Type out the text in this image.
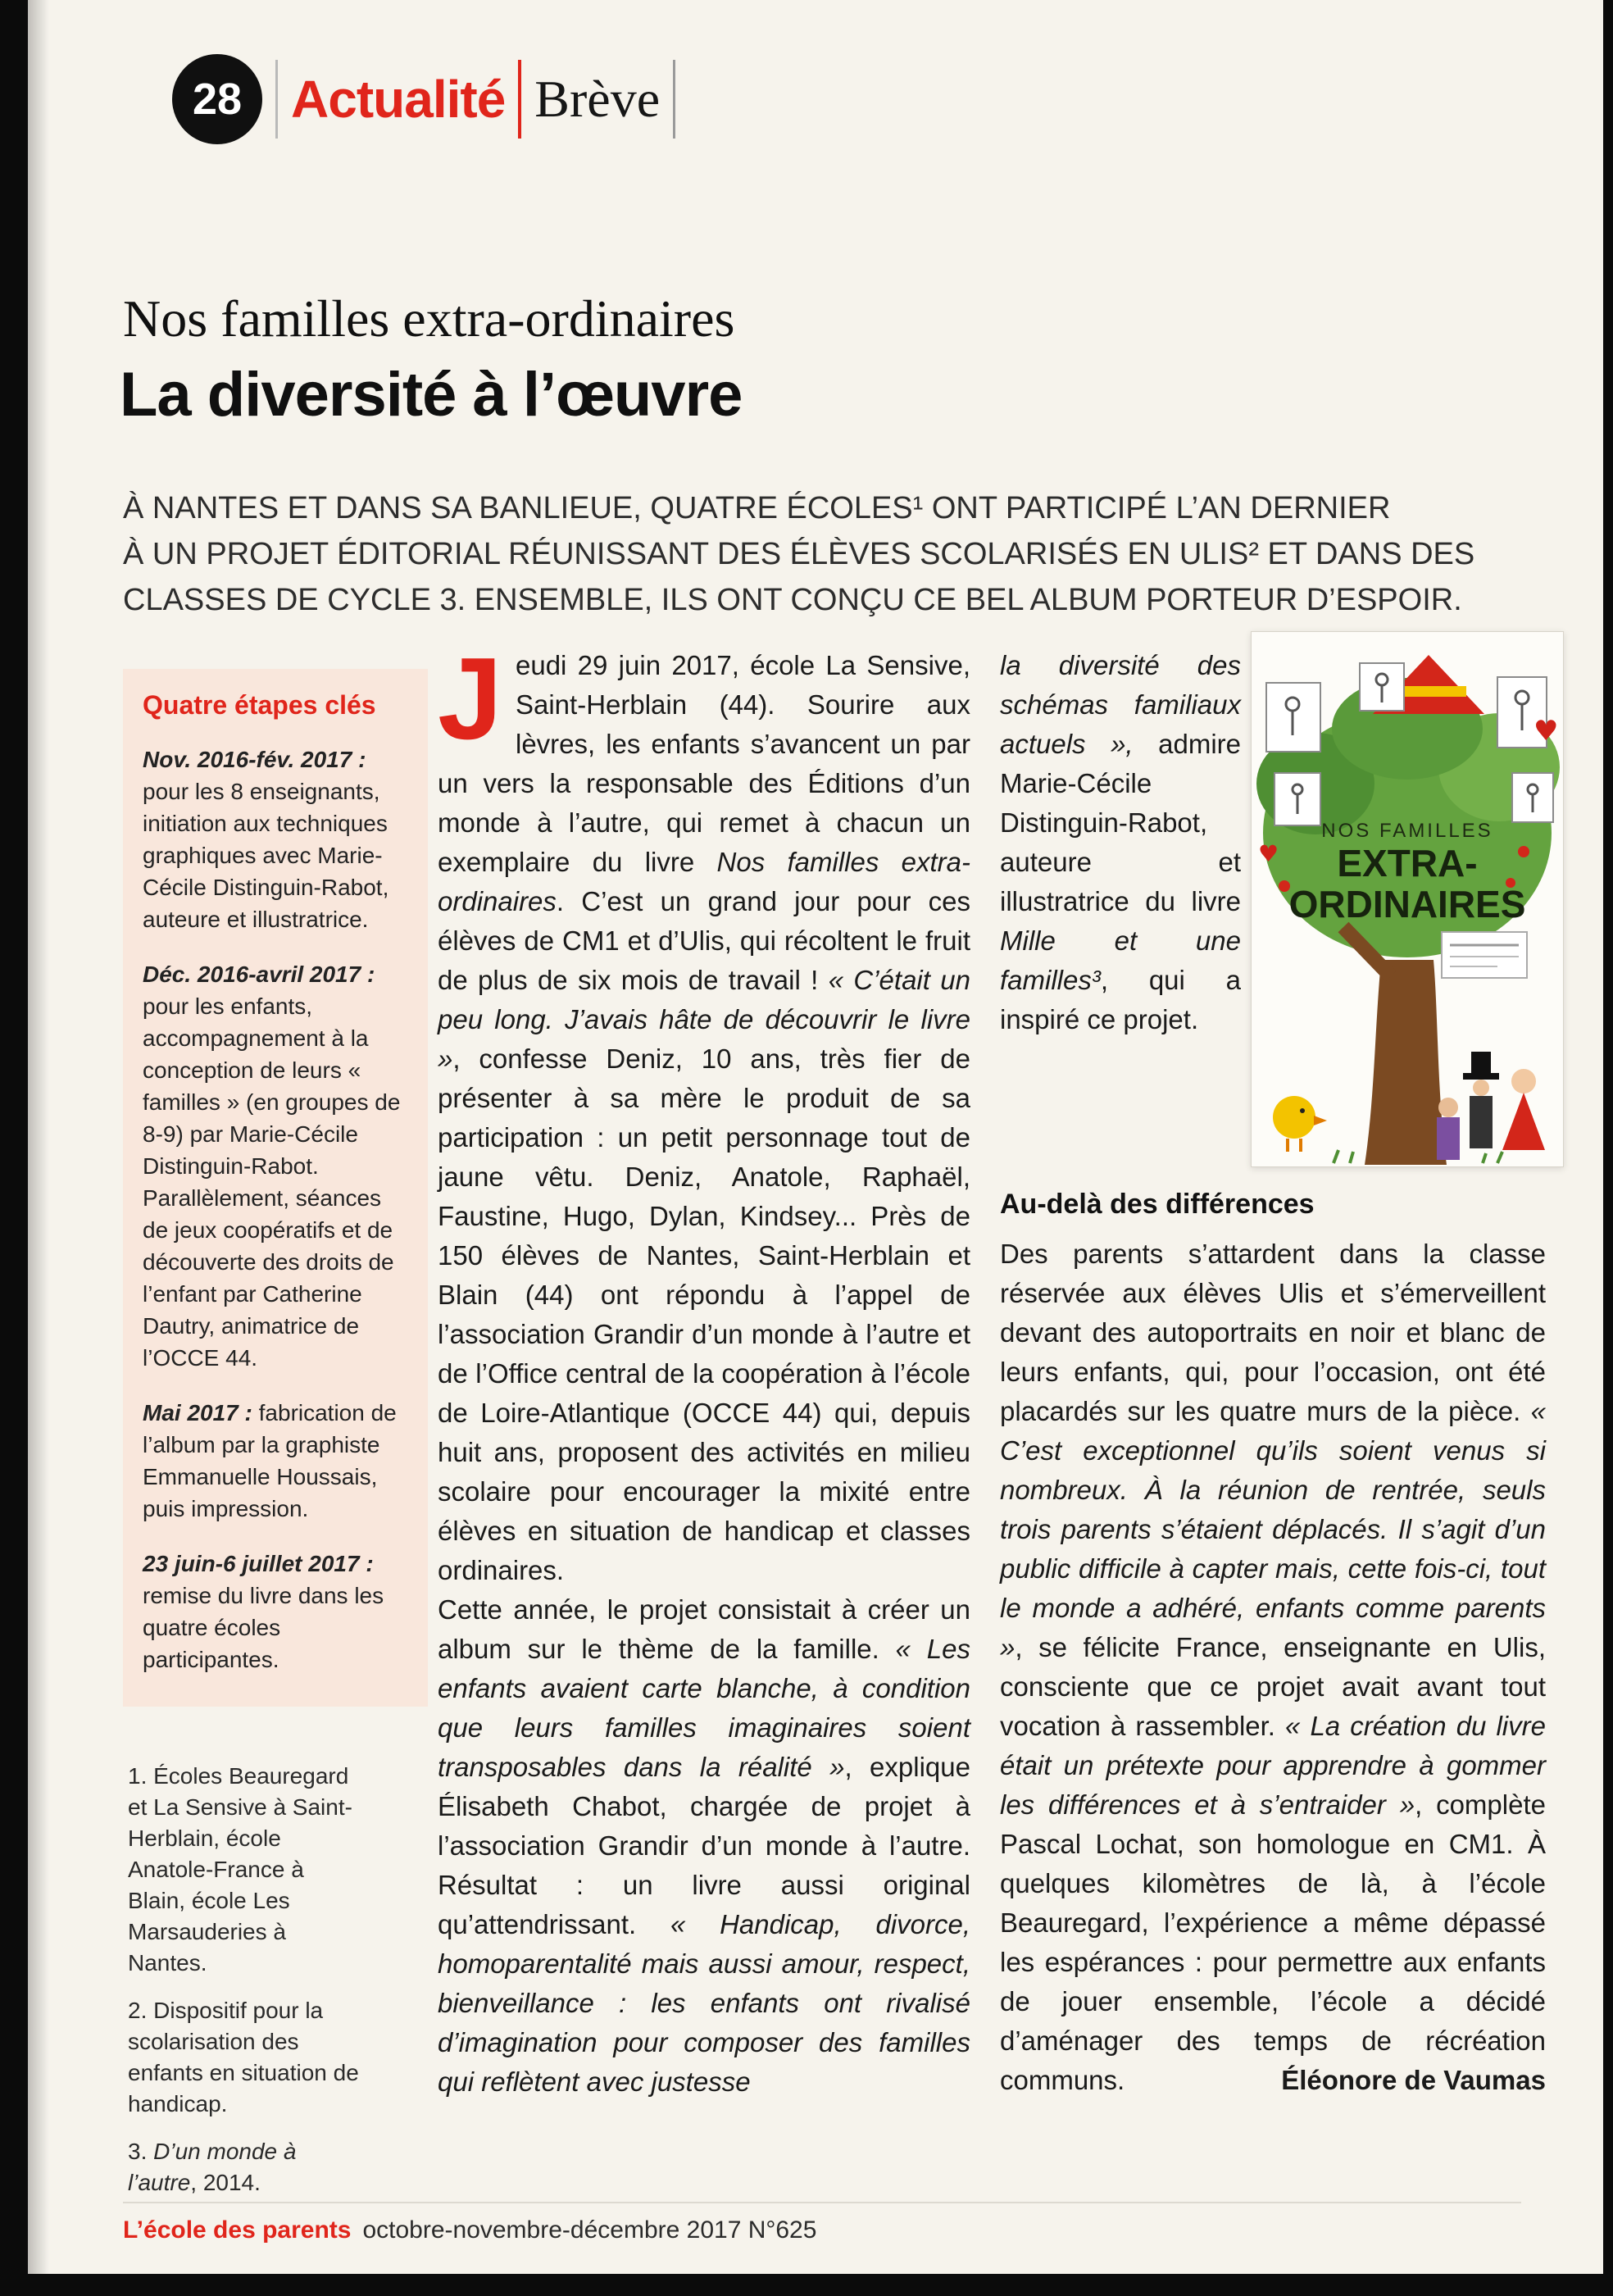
28 Actualité Brève
Nos familles extra-ordinaires
La diversité à l’œuvre
À NANTES ET DANS SA BANLIEUE, QUATRE ÉCOLES¹ ONT PARTICIPÉ L’AN DERNIER
À UN PROJET ÉDITORIAL RÉUNISSANT DES ÉLÈVES SCOLARISÉS EN ULIS² ET DANS DES
CLASSES DE CYCLE 3. ENSEMBLE, ILS ONT CONÇU CE BEL ALBUM PORTEUR D’ESPOIR.
Quatre étapes clés

Nov. 2016-fév. 2017 : pour les 8 enseignants, initiation aux techniques graphiques avec Marie-Cécile Distinguin-Rabot, auteure et illustratrice.

Déc. 2016-avril 2017 : pour les enfants, accompagnement à la conception de leurs « familles » (en groupes de 8-9) par Marie-Cécile Distinguin-Rabot. Parallèlement, séances de jeux coopératifs et de découverte des droits de l’enfant par Catherine Dautry, animatrice de l’OCCE 44.

Mai 2017 : fabrication de l’album par la graphiste Emmanuelle Houssais, puis impression.

23 juin-6 juillet 2017 : remise du livre dans les quatre écoles participantes.

1. Écoles Beauregard et La Sensive à Saint-Herblain, école Anatole-France à Blain, école Les Marsauderies à Nantes.
2. Dispositif pour la scolarisation des enfants en situation de handicap.
3. D’un monde à l’autre, 2014.

Jeudi 29 juin 2017, école La Sensive, Saint-Herblain (44). Sourire aux lèvres, les enfants s’avancent un par un vers la responsable des Éditions d’un monde à l’autre, qui remet à chacun un exemplaire du livre Nos familles extra-ordinaires. C’est un grand jour pour ces élèves de CM1 et d’Ulis, qui récoltent le fruit de plus de six mois de travail ! « C’était un peu long. J’avais hâte de découvrir le livre », confesse Deniz, 10 ans, très fier de présenter à sa mère le produit de sa participation : un petit personnage tout de jaune vêtu. Deniz, Anatole, Raphaël, Faustine, Hugo, Dylan, Kindsey... Près de 150 élèves de Nantes, Saint-Herblain et Blain (44) ont répondu à l’appel de l’association Grandir d’un monde à l’autre et de l’Office central de la coopération à l’école de Loire-Atlantique (OCCE 44) qui, depuis huit ans, proposent des activités en milieu scolaire pour encourager la mixité entre élèves en situation de handicap et classes ordinaires.

Cette année, le projet consistait à créer un album sur le thème de la famille. « Les enfants avaient carte blanche, à condition que leurs familles imaginaires soient transposables dans la réalité », explique Élisabeth Chabot, chargée de projet à l’association Grandir d’un monde à l’autre. Résultat : un livre aussi original qu’attendrissant. « Handicap, divorce, homoparentalité mais aussi amour, respect, bienveillance : les enfants ont rivalisé d’imagination pour composer des familles qui reflètent avec justesse

la diversité des schémas familiaux actuels », admire Marie-Cécile Distinguin-Rabot, auteure et illustratrice du livre Mille et une familles³, qui a inspiré ce projet.

♥
♥
NOS FAMILLES
EXTRA-
ORDINAIRES
Au-delà des différences

Des parents s’attardent dans la classe réservée aux élèves Ulis et s’émerveillent devant des autoportraits en noir et blanc de leurs enfants, qui, pour l’occasion, ont été placardés sur les quatre murs de la pièce. « C’est exceptionnel qu’ils soient venus si nombreux. À la réunion de rentrée, seuls trois parents s’étaient déplacés. Il s’agit d’un public difficile à capter mais, cette fois-ci, tout le monde a adhéré, enfants comme parents », se félicite France, enseignante en Ulis, consciente que ce projet avait avant tout vocation à rassembler. « La création du livre était un prétexte pour apprendre à gommer les différences et à s’entraider », complète Pascal Lochat, son homologue en CM1. À quelques kilomètres de là, à l’école Beauregard, l’expérience a même dépassé les espérances : pour permettre aux enfants de jouer ensemble, l’école a décidé d’aménager des temps de récréation communs.	Éléonore de Vaumas

L’école des parents octobre-novembre-décembre 2017 N°625
